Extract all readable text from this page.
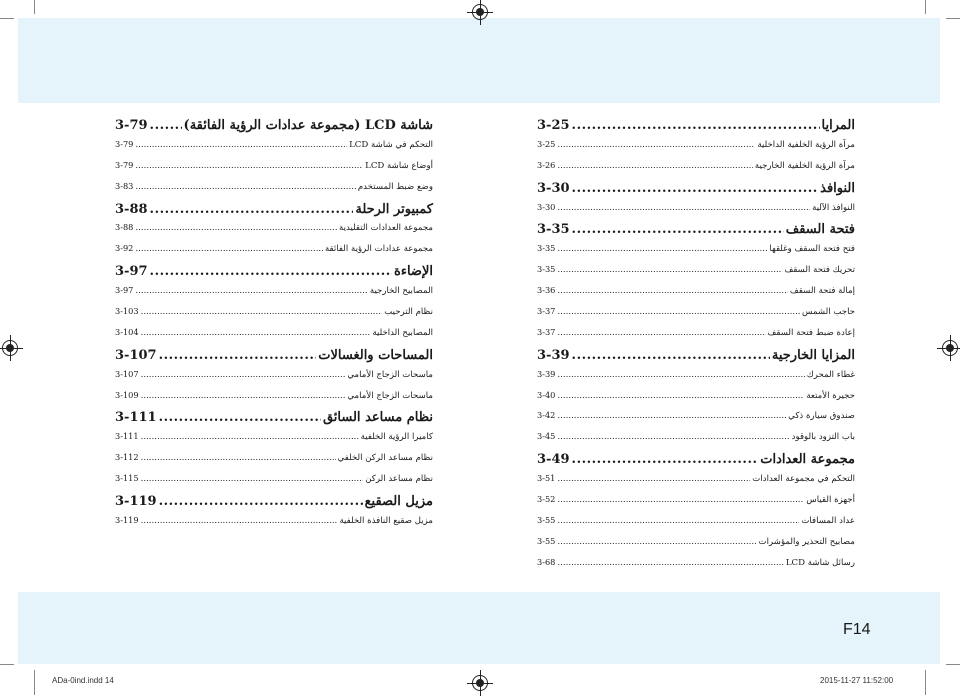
3-25 .....	المرايا
3-25 .....	مرآة الرؤية الخلفية الداخلية
3-26 .....	مرآة الرؤية الخلفية الخارجية
3-30 .....	النوافذ
3-30 .....	النوافذ الآلية
3-35 .....	فتحة السقف
3-35 .....	فتح فتحة السقف وغلقها
3-35 .....	تحريك فتحة السقف
3-36 .....	إمالة فتحة السقف
3-37 .....	حاجب الشمس
3-37 .....	إعادة ضبط فتحة السقف
3-39 .....	المزايا الخارجية
3-39 .....	غطاء المحرك
3-40 .....	حجيرة الأمتعة
3-42 .....	صندوق سيارة ذكي
3-45 .....	باب التزود بالوقود
3-49 .....	مجموعة العدادات
3-51 .....	التحكم في مجموعة العدادات
3-52 .....	أجهزة القياس
3-55 .....	عداد المسافات
3-55 .....	مصابيح التحذير والمؤشرات
3-68 .....	رسائل شاشة LCD
3-79 .....	شاشة LCD (مجموعة عدادات الرؤية الفائقة)
3-79 .....	التحكم في شاشة LCD
3-79 .....	أوضاع شاشة LCD
3-83 .....	وضع ضبط المستخدم
3-88 .....	كمبيوتر الرحلة
3-88 .....	مجموعة العدادات التقليدية
3-92 .....	مجموعة عدادات الرؤية الفائقة
3-97 .....	الإضاءة
3-97 .....	المصابيح الخارجية
3-103 .....	نظام الترحيب
3-104 .....	المصابيح الداخلية
3-107 .....	المساحات والغسالات
3-107 .....	ماسحات الزجاج الأمامي
3-109 .....	ماسحات الزجاج الأمامي
3-111 .....	نظام مساعد السائق
3-111 .....	كاميرا الرؤية الخلفية
3-112 .....	نظام مساعد الركن الخلفي
3-115 .....	نظام مساعد الركن
3-119 .....	مزيل الصقيع
3-119 .....	مزيل صقيع النافذة الخلفية
F14
ADa-0ind.indd 14	2015-11-27 11:52:00
